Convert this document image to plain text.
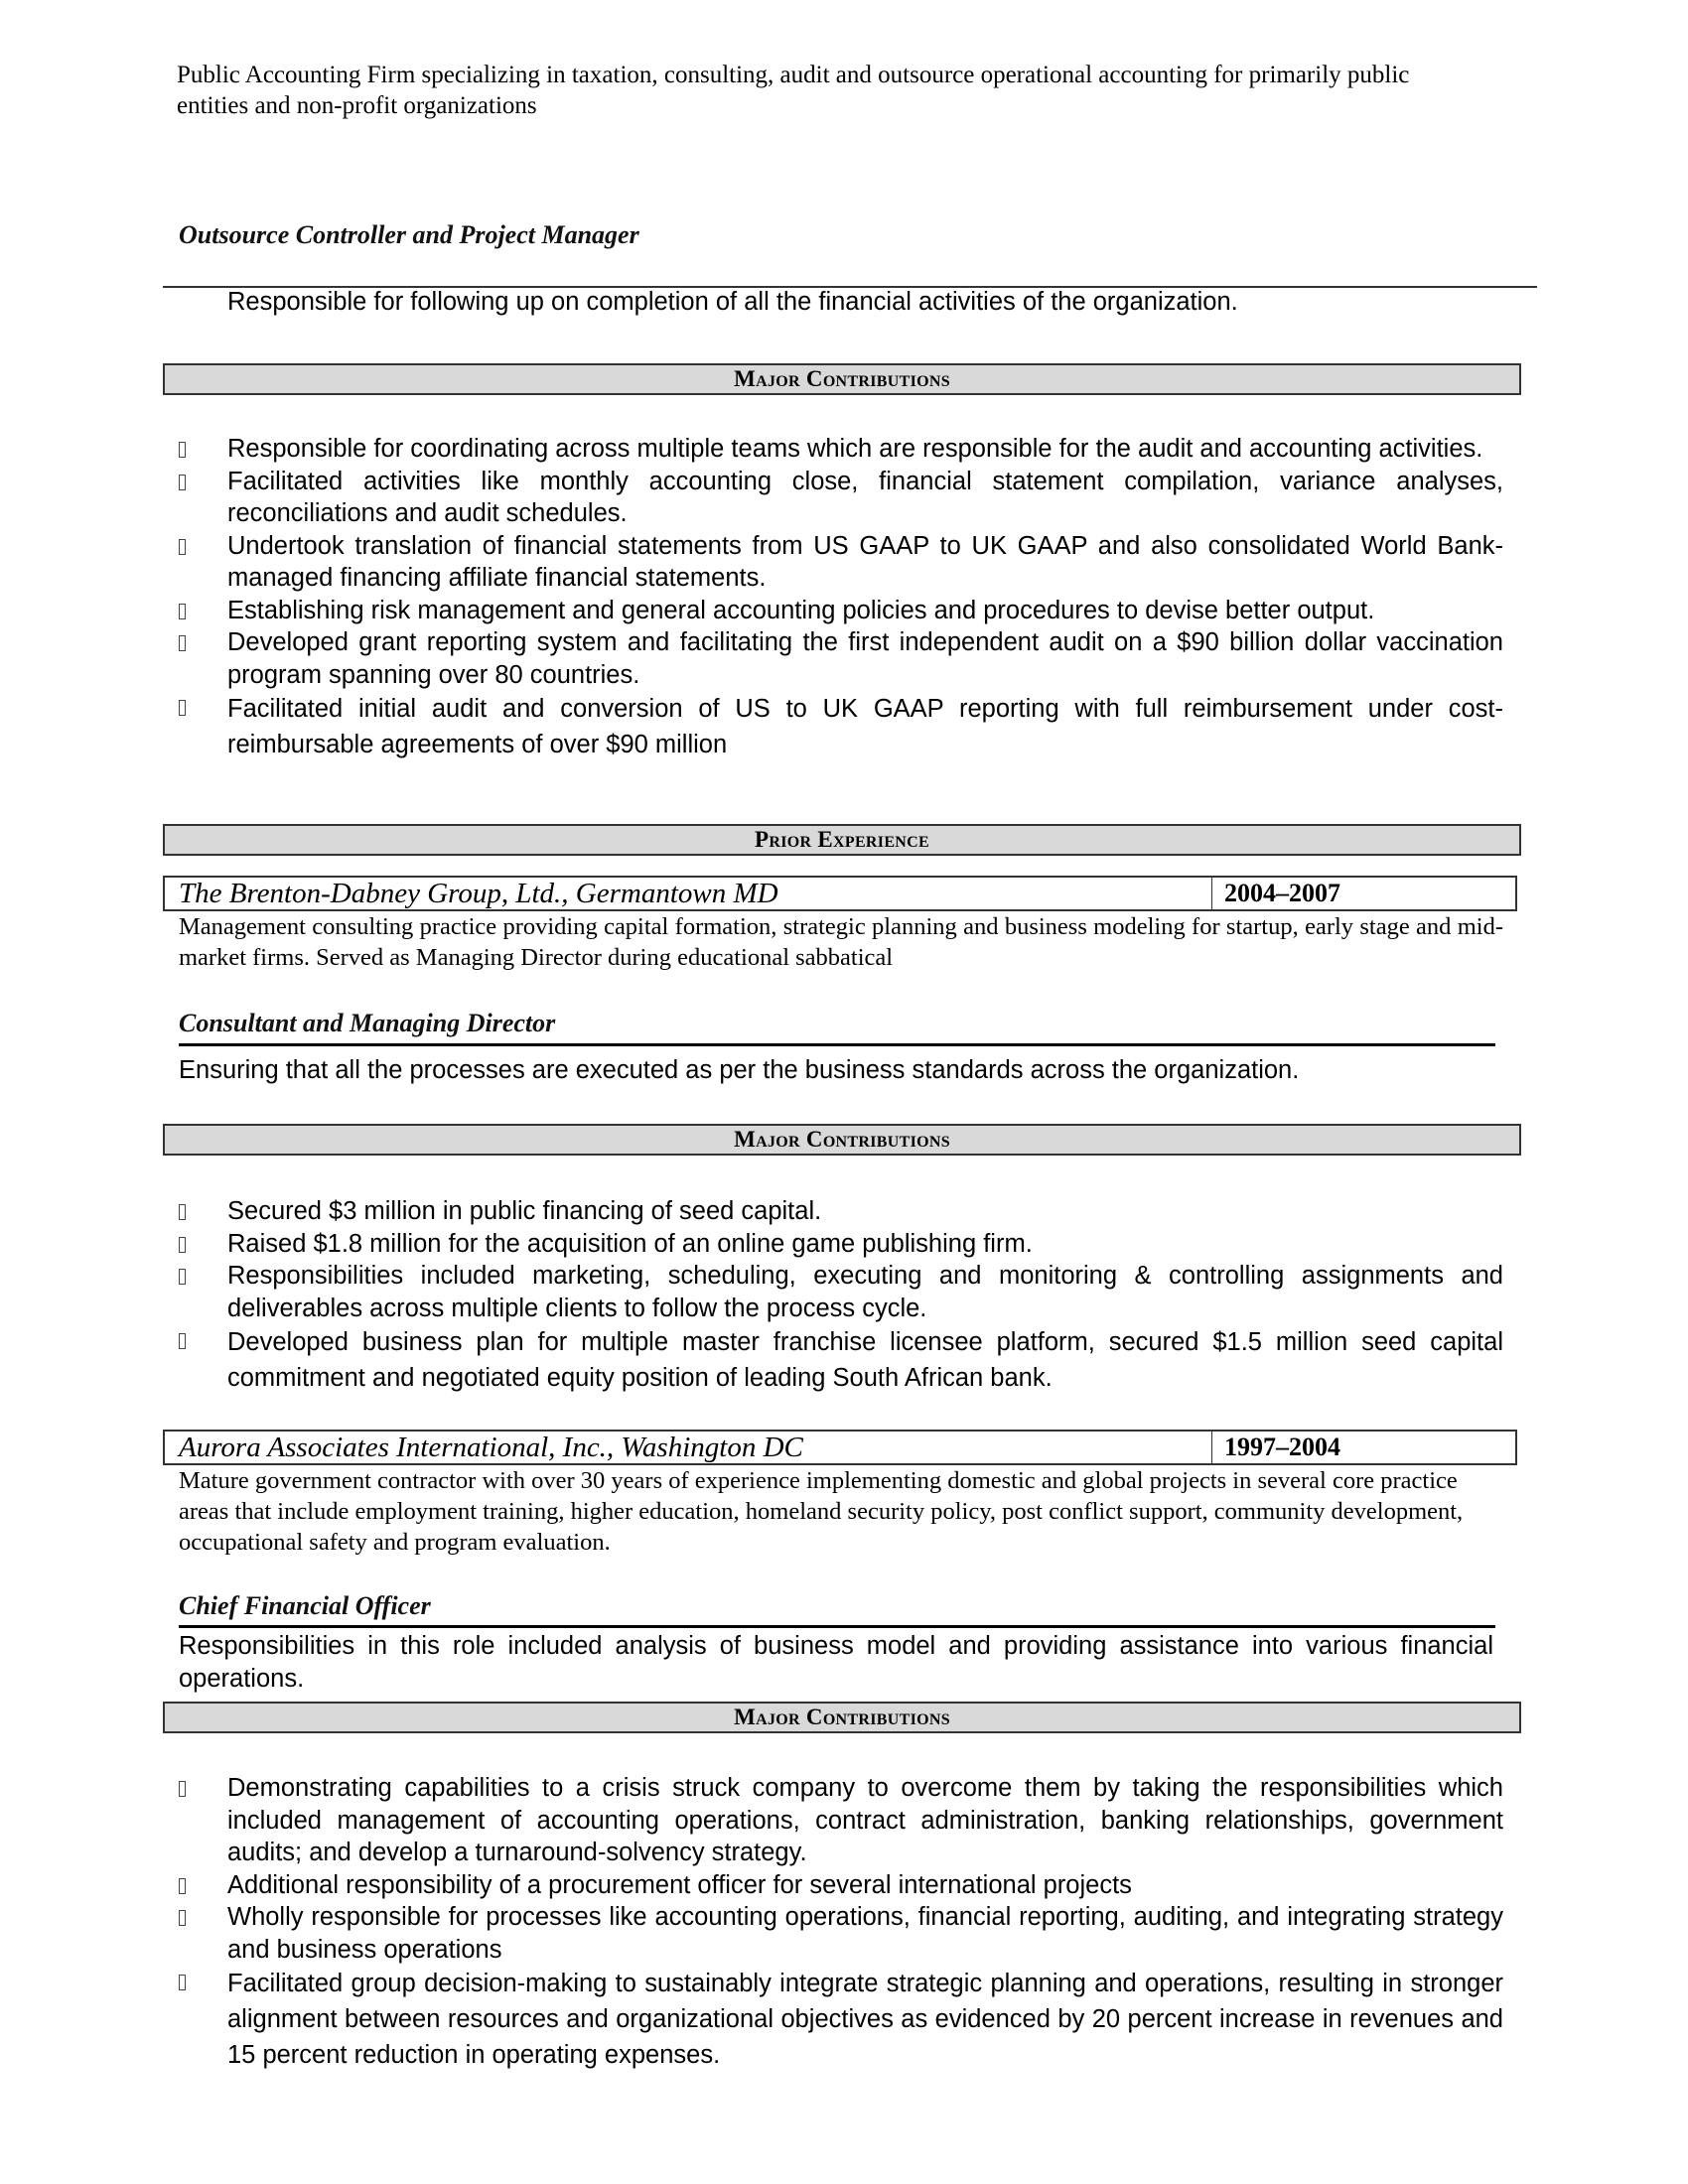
Public Accounting Firm specializing in taxation, consulting, audit and outsource operational accounting for primarily public entities and non-profit organizations
Outsource Controller and Project Manager
Responsible for following up on completion of all the financial activities of the organization.
Major Contributions
Responsible for coordinating across multiple teams which are responsible for the audit and accounting activities.
Facilitated activities like monthly accounting close, financial statement compilation, variance analyses, reconciliations and audit schedules.
Undertook translation of financial statements from US GAAP to UK GAAP and also consolidated World Bank-managed financing affiliate financial statements.
Establishing risk management and general accounting policies and procedures to devise better output.
Developed grant reporting system and facilitating the first independent audit on a $90 billion dollar vaccination program spanning over 80 countries.
Facilitated initial audit and conversion of US to UK GAAP reporting with full reimbursement under cost-reimbursable agreements of over $90 million
Prior Experience
The Brenton-Dabney Group, Ltd., Germantown MD	2004–2007
Management consulting practice providing capital formation, strategic planning and business modeling for startup, early stage and mid-market firms. Served as Managing Director during educational sabbatical
Consultant and Managing Director
Ensuring that all the processes are executed as per the business standards across the organization.
Major Contributions
Secured $3 million in public financing of seed capital.
Raised $1.8 million for the acquisition of an online game publishing firm.
Responsibilities included marketing, scheduling, executing and monitoring & controlling assignments and deliverables across multiple clients to follow the process cycle.
Developed business plan for multiple master franchise licensee platform, secured $1.5 million seed capital commitment and negotiated equity position of leading South African bank.
Aurora Associates International, Inc., Washington DC	1997–2004
Mature government contractor with over 30 years of experience implementing domestic and global projects in several core practice areas that include employment training, higher education, homeland security policy, post conflict support, community development, occupational safety and program evaluation.
Chief Financial Officer
Responsibilities in this role included analysis of business model and providing assistance into various financial operations.
Major Contributions
Demonstrating capabilities to a crisis struck company to overcome them by taking the responsibilities which included management of accounting operations, contract administration, banking relationships, government audits; and develop a turnaround-solvency strategy.
Additional responsibility of a procurement officer for several international projects
Wholly responsible for processes like accounting operations, financial reporting, auditing, and integrating strategy and business operations
Facilitated group decision-making to sustainably integrate strategic planning and operations, resulting in stronger alignment between resources and organizational objectives as evidenced by 20 percent increase in revenues and 15 percent reduction in operating expenses.
